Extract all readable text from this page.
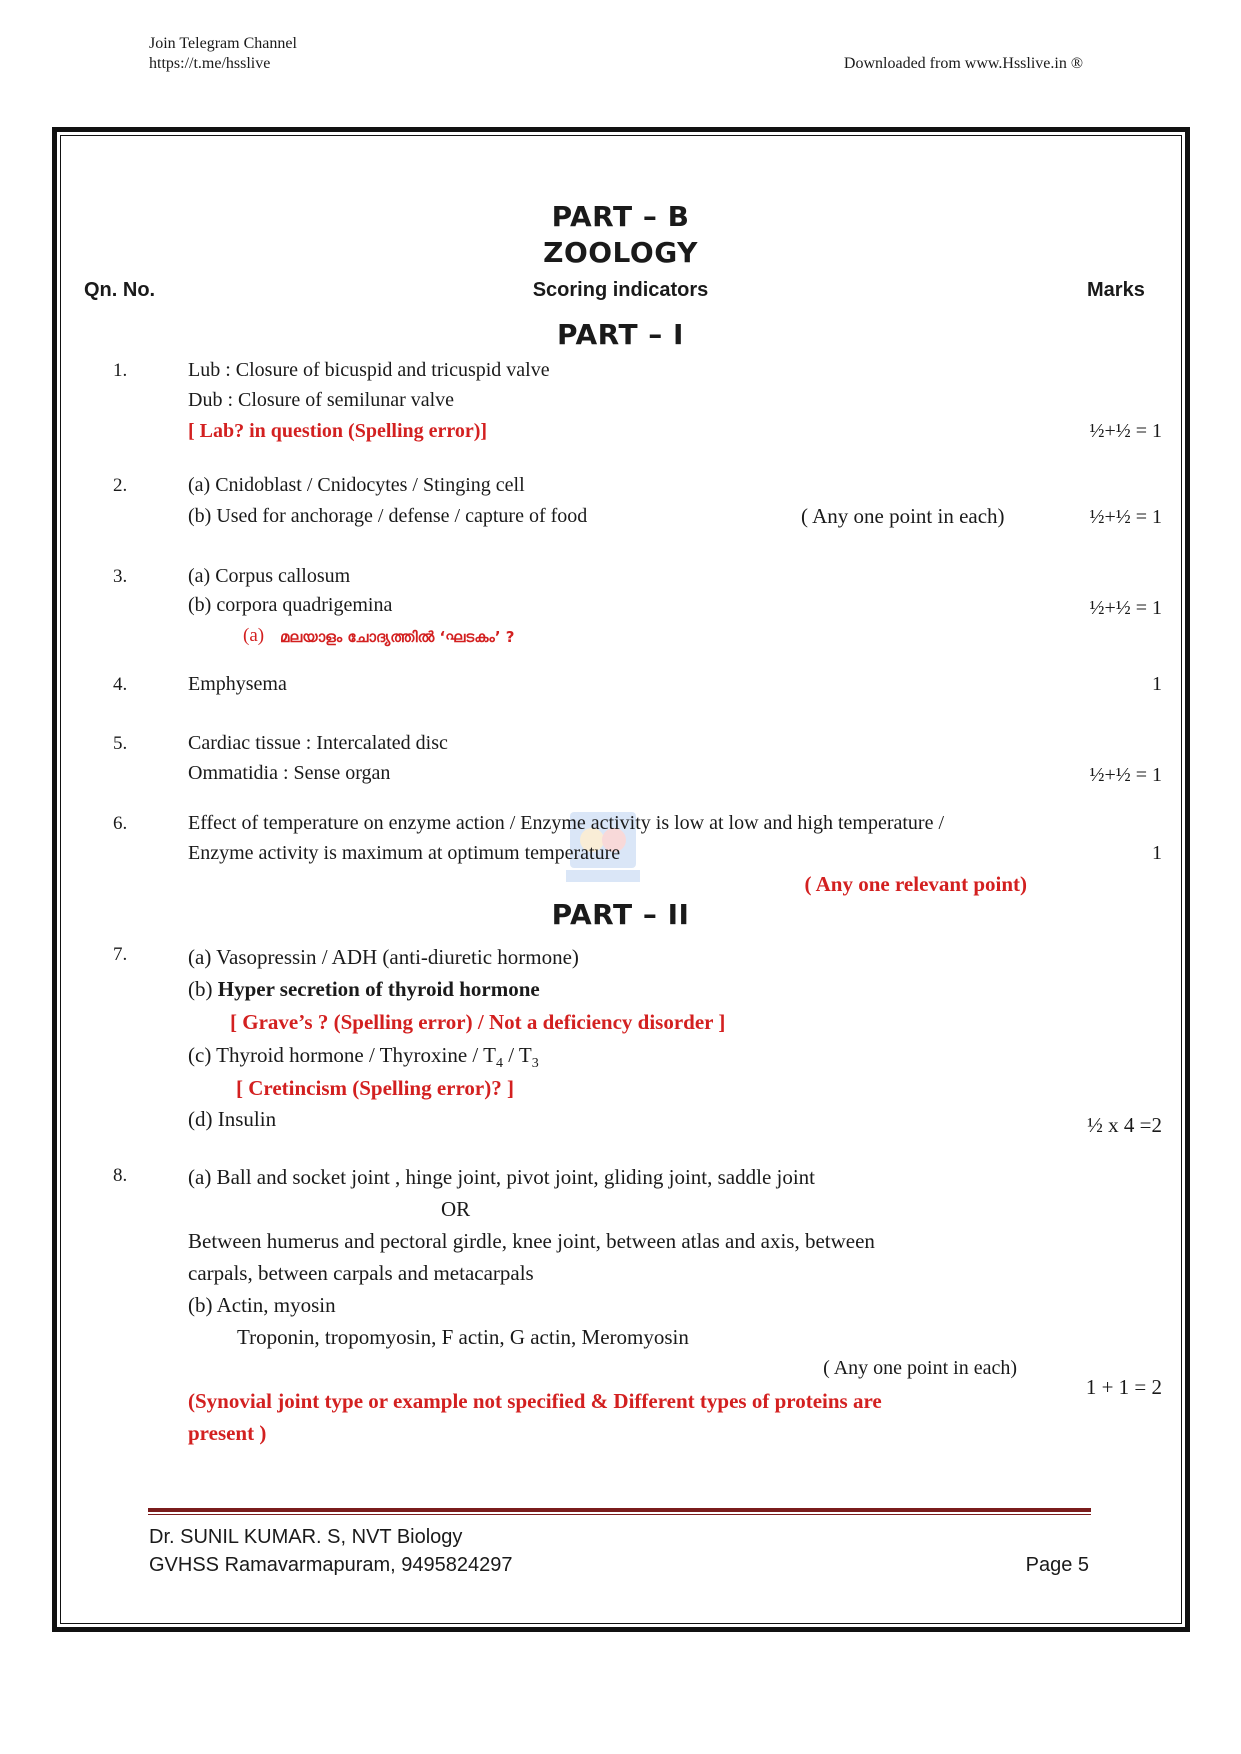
Join Telegram Channel
https://t.me/hsslive	Downloaded from www.Hsslive.in ®
PART – B
ZOOLOGY
Qn. No.	Scoring indicators	Marks
PART – I
1.	Lub : Closure of bicuspid and tricuspid valve
Dub : Closure of semilunar valve
[ Lab? in question (Spelling error)]	½+½ = 1
2.	(a) Cnidoblast / Cnidocytes / Stinging cell
(b) Used for anchorage / defense / capture of food	( Any one point in each)	½+½ = 1
3.	(a) Corpus callosum
(b) corpora quadrigemina
(a) മലയാളം ചോദ്യത്തിൽ ‘ഘടകം’ ?
½+½ = 1
4.	Emphysema	1
5.	Cardiac tissue : Intercalated disc
Ommatidia : Sense organ	½+½ = 1
6.	Effect of temperature on enzyme action / Enzyme activity is low at low and high temperature /
Enzyme activity is maximum at optimum temperature	1
( Any one relevant point)
PART – II
7.	(a) Vasopressin / ADH (anti-diuretic hormone)
(b) Hyper secretion of thyroid hormone
[ Grave’s ? (Spelling error) / Not a deficiency disorder ]
(c) Thyroid hormone / Thyroxine / $T_4 / T_3$
[ Cretincism (Spelling error)? ]
(d) Insulin	½ x 4 =2
8.	(a) Ball and socket joint , hinge joint, pivot joint, gliding joint, saddle joint
OR
Between humerus and pectoral girdle, knee joint, between atlas and axis, between
carpals, between carpals and metacarpals
(b) Actin, myosin
Troponin, tropomyosin, F actin, G actin, Meromyosin
( Any one point in each)
(Synovial joint type or example not specified & Different types of proteins are
present )
1 + 1 = 2
Dr. SUNIL KUMAR. S, NVT Biology
GVHSS Ramavarmapuram, 9495824297	Page 5
